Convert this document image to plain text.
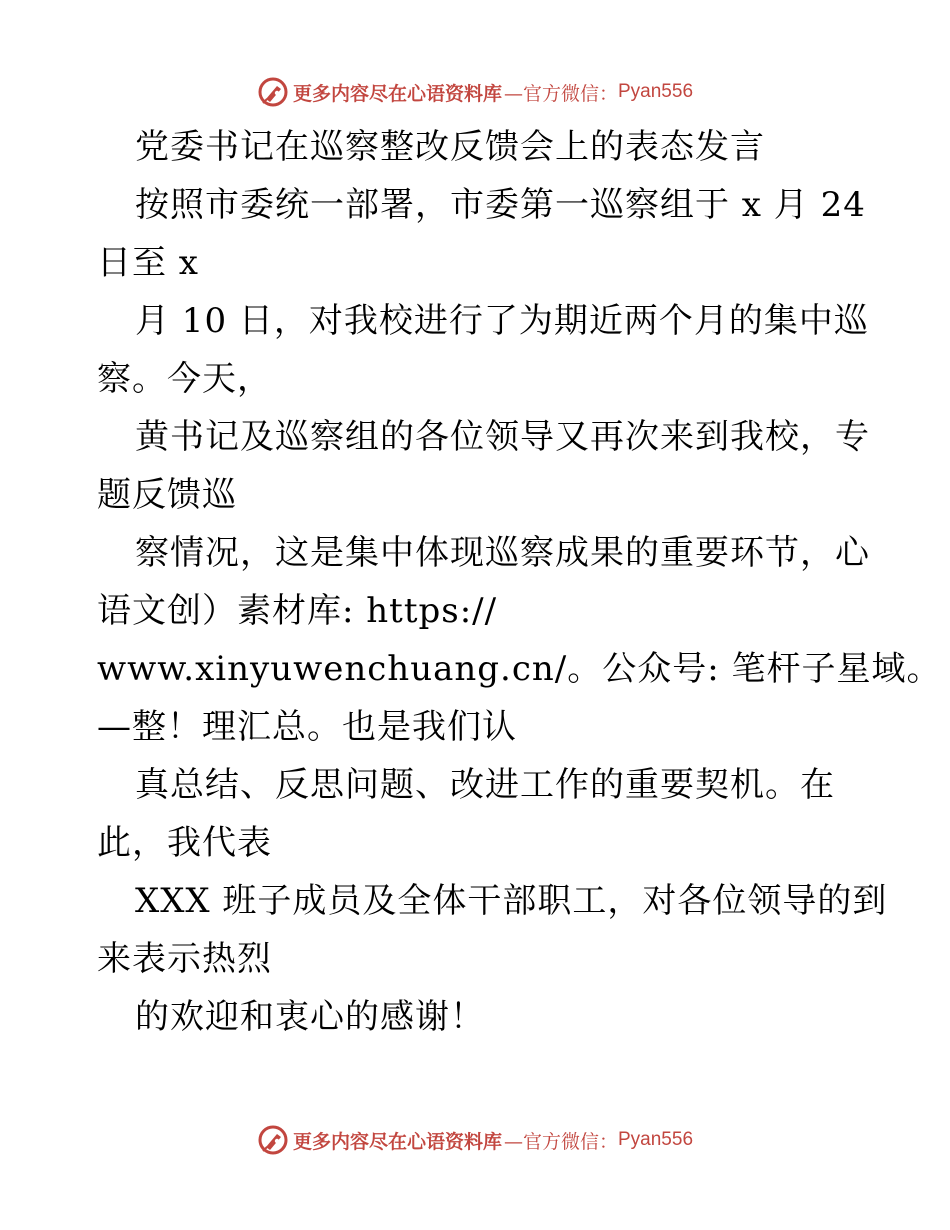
更多内容尽在心语资料库 —官方微信： Pyan556
党委书记在巡察整改反馈会上的表态发言
按照市委统一部署，市委第一巡察组于 x 月 24
日至 x
月 10 日，对我校进行了为期近两个月的集中巡
察。今天，
黄书记及巡察组的各位领导又再次来到我校，专
题反馈巡
察情况，这是集中体现巡察成果的重要环节，心
语文创）素材库: https://
www.xinyuwenchuang.cn/。公众号: 笔杆子星域。
—整！理汇总。也是我们认
真总结、反思问题、改进工作的重要契机。在
此，我代表
XXX 班子成员及全体干部职工，对各位领导的到
来表示热烈
的欢迎和衷心的感谢！
更多内容尽在心语资料库 —官方微信： Pyan556
